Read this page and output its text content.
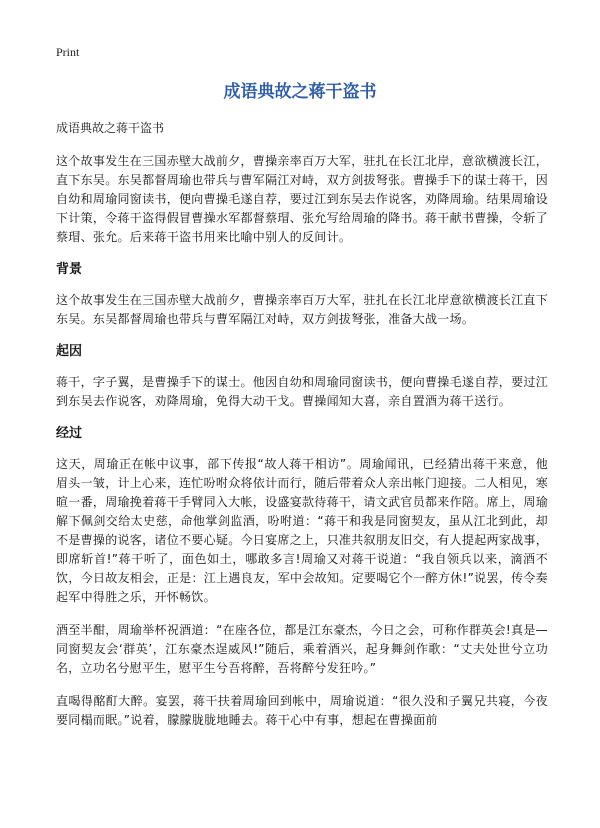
Print
成语典故之蒋干盗书

成语典故之蒋干盗书

这个故事发生在三国赤壁大战前夕，曹操亲率百万大军，驻扎在长江北岸，意欲横渡长江，直下东吴。东吴都督周瑜也带兵与曹军隔江对峙，双方剑拔弩张。曹操手下的谋士蒋干，因自幼和周瑜同窗读书，便向曹操毛遂自荐，要过江到东吴去作说客，劝降周瑜。结果周瑜设下计策，令蒋干盗得假冒曹操水军都督蔡瑁、张允写给周瑜的降书。蒋干献书曹操，令斩了蔡瑁、张允。后来蒋干盗书用来比喻中别人的反间计。

背景

这个故事发生在三国赤壁大战前夕，曹操亲率百万大军，驻扎在长江北岸意欲横渡长江直下东吴。东吴都督周瑜也带兵与曹军隔江对峙，双方剑拔弩张，准备大战一场。

起因

蒋干，字子翼，是曹操手下的谋士。他因自幼和周瑜同窗读书，便向曹操毛遂自荐，要过江到东吴去作说客，劝降周瑜，免得大动干戈。曹操闻知大喜，亲自置酒为蒋干送行。

经过

这天，周瑜正在帐中议事，部下传报“故人蒋干相访”。周瑜闻讯，已经猜出蒋干来意，他眉头一皱，计上心来，连忙吩咐众将依计而行，随后带着众人亲出帐门迎接。二人相见，寒暄一番，周瑜挽着蒋干手臂同入大帐，设盛宴款待蒋干，请文武官员都来作陪。席上，周瑜解下佩剑交给太史慈，命他掌剑监酒，吩咐道：“蒋干和我是同窗契友，虽从江北到此，却不是曹操的说客，诸位不要心疑。今日宴席之上，只准共叙朋友旧交，有人提起两家战事，即席斩首!”蒋干听了，面色如土，哪敢多言!周瑜又对蒋干说道：“我自领兵以来，滴酒不饮，今日故友相会，正是：江上遇良友，军中会故知。定要喝它个一醉方休!”说罢，传令奏起军中得胜之乐，开怀畅饮。

酒至半酣，周瑜举杯祝酒道：“在座各位，都是江东豪杰，今日之会，可称作群英会!真是—同窗契友会‘群英’，江东豪杰逞威风!”随后，乘着酒兴，起身舞剑作歌：“丈夫处世兮立功名，立功名兮慰平生，慰平生兮吾将醉，吾将醉兮发狂吟。”

直喝得酩酊大醉。宴罢，蒋干扶着周瑜回到帐中，周瑜说道：“很久没和子翼兄共寝，今夜要同榻而眠。”说着，朦朦胧胧地睡去。蒋干心中有事，想起在曹操面前
